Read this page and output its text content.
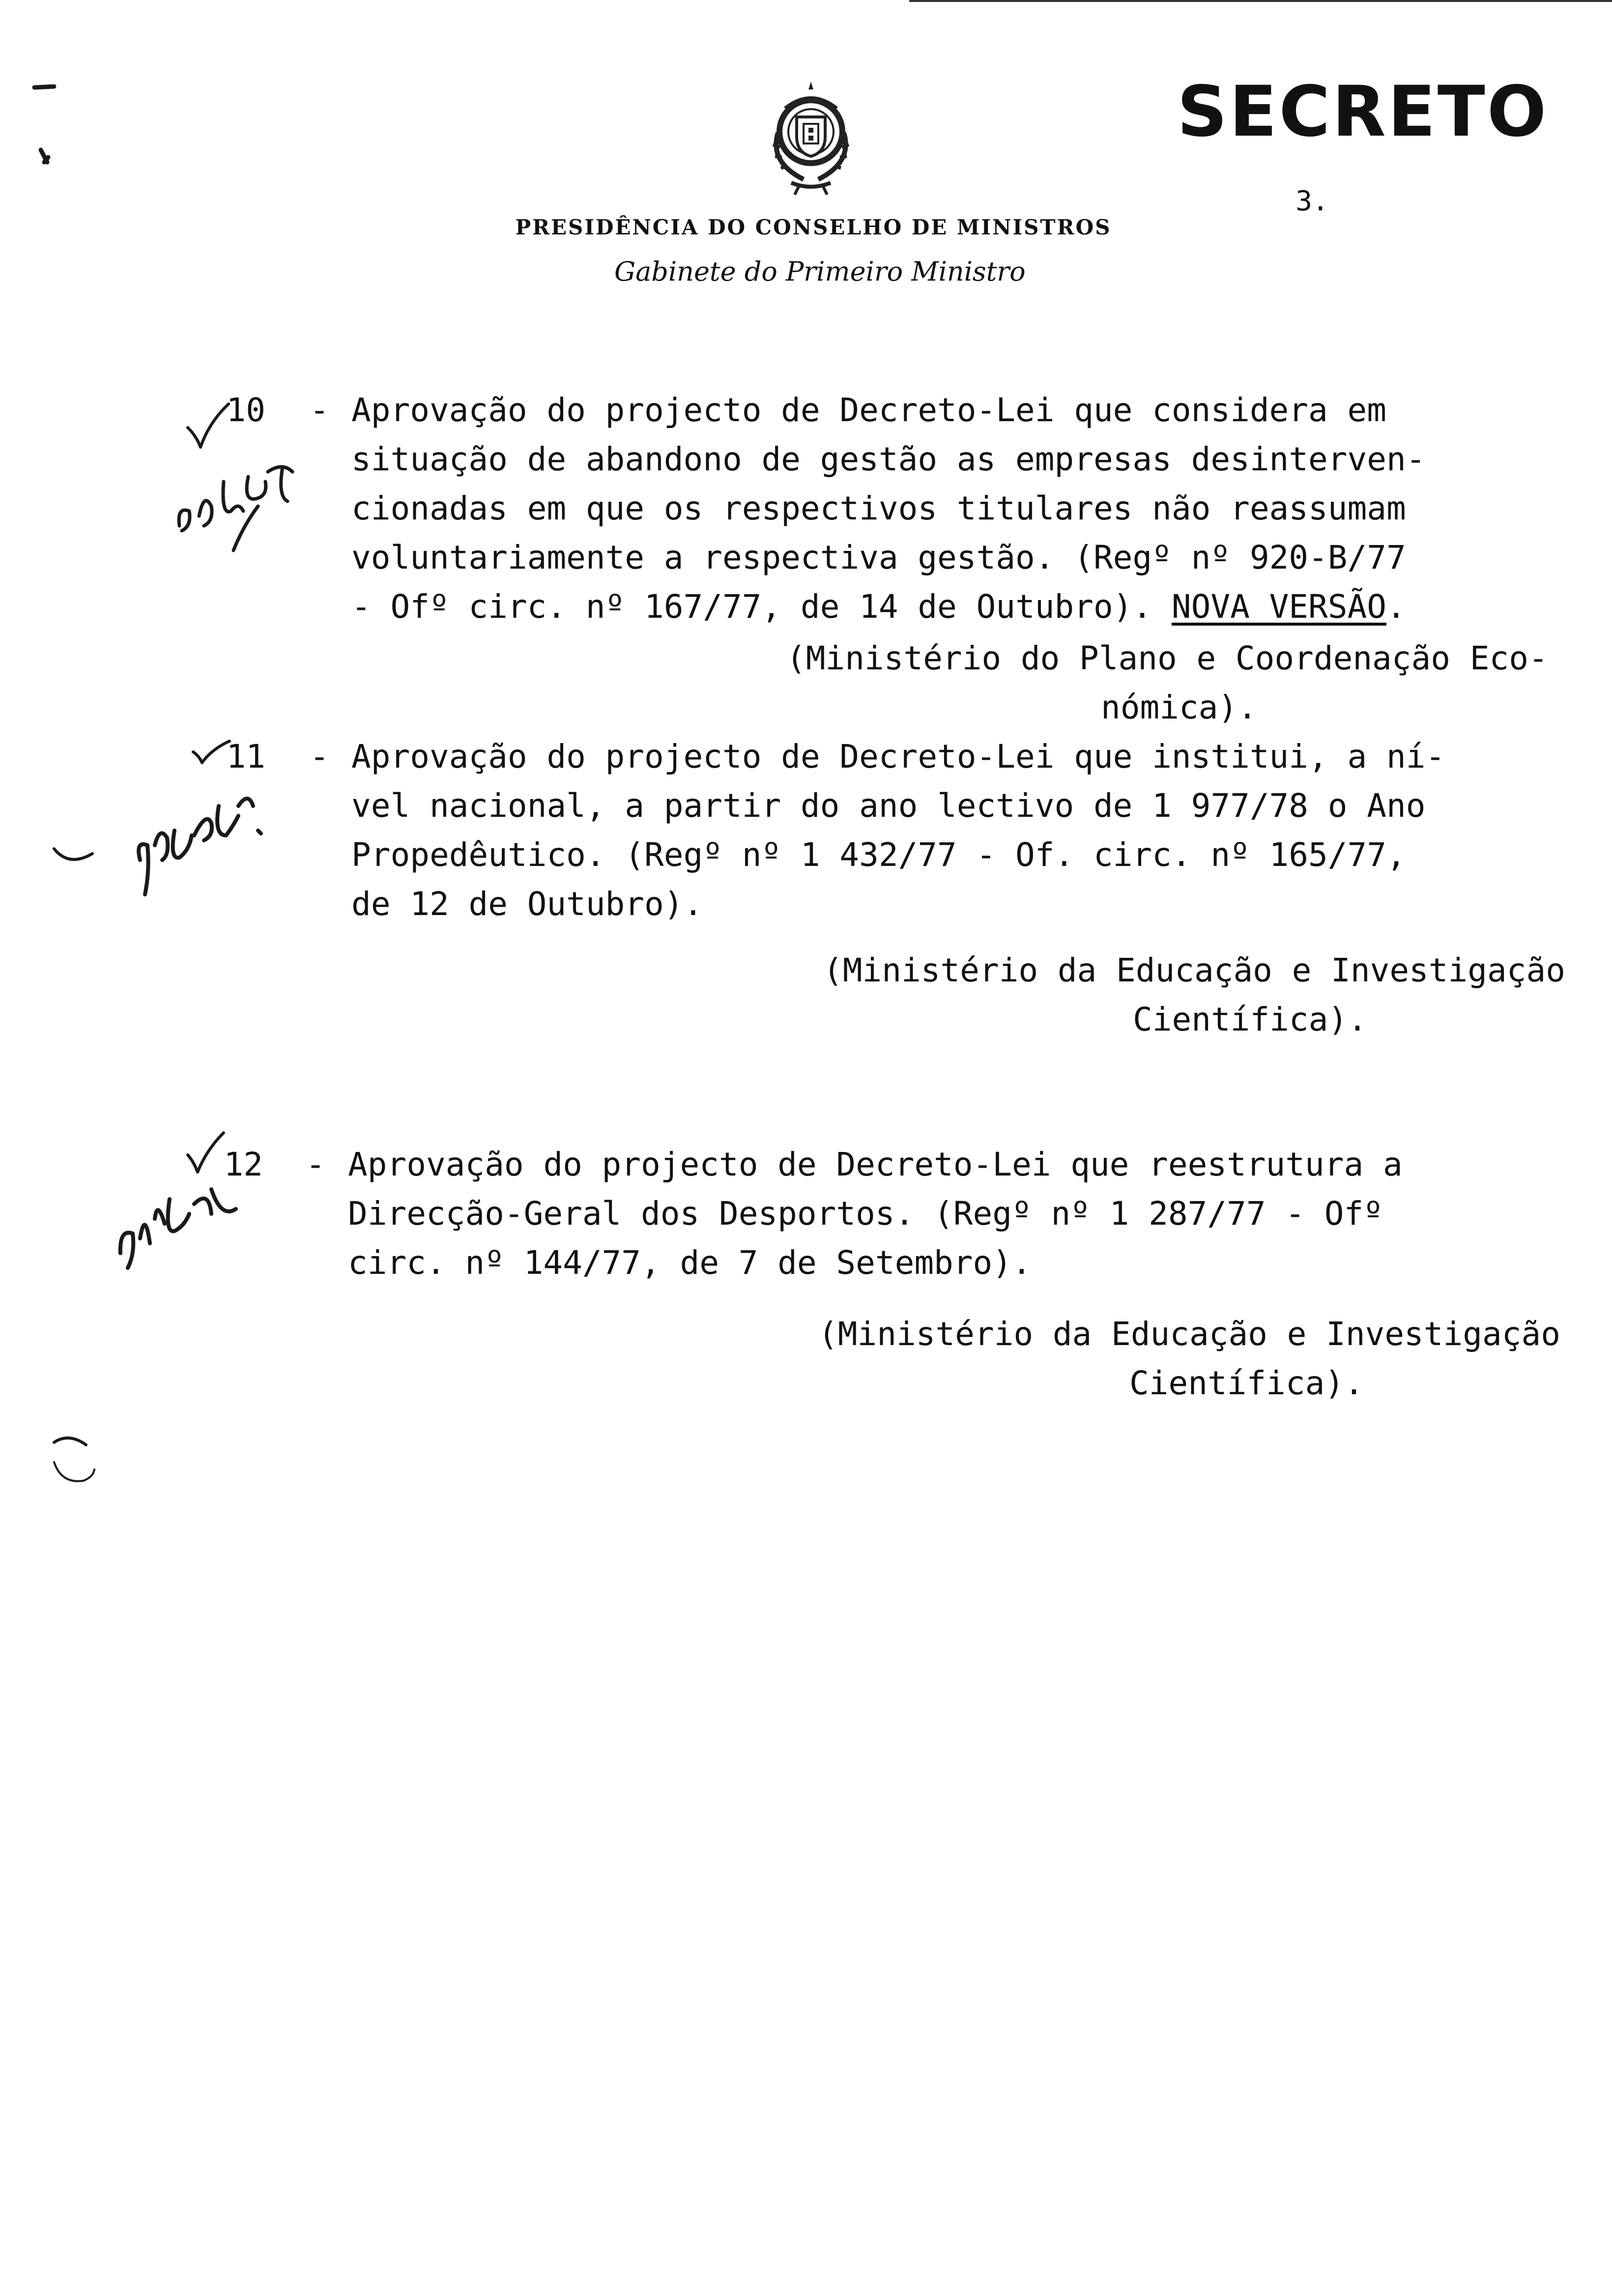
SECRETO
3.
PRESIDÊNCIA DO CONSELHO DE MINISTROS
Gabinete do Primeiro Ministro
10 - Aprovação do projecto de Decreto-Lei que considera em
situação de abandono de gestão as empresas desinterven-
cionadas em que os respectivos titulares não reassumam
voluntariamente a respectiva gestão. (Regº nº 920-B/77
- Ofº circ. nº 167/77, de 14 de Outubro). NOVA VERSÃO.
(Ministério do Plano e Coordenação Eco-
nómica).
11 - Aprovação do projecto de Decreto-Lei que institui, a ní-
vel nacional, a partir do ano lectivo de 1 977/78 o Ano
Propedêutico. (Regº nº 1 432/77 - Of. circ. nº 165/77,
de 12 de Outubro).
(Ministério da Educação e Investigação
Científica).
12 - Aprovação do projecto de Decreto-Lei que reestrutura a
Direcção-Geral dos Desportos. (Regº nº 1 287/77 - Ofº
circ. nº 144/77, de 7 de Setembro).
(Ministério da Educação e Investigação
Científica).
